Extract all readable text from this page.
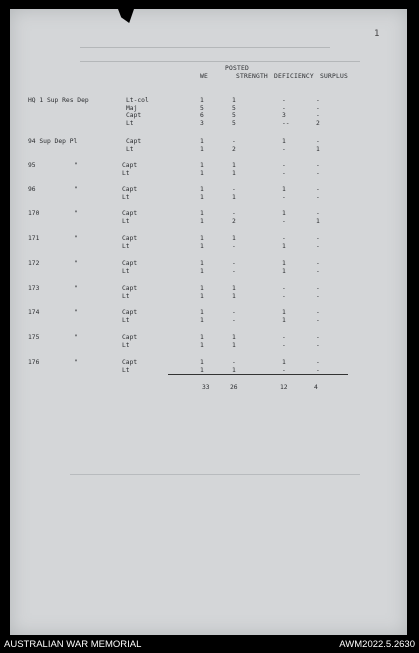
1
POSTED
WE	STRENGTH DEFICIENCY SURPLUS
HQ 1 Sup Res Dep	Lt-col	1	1	-	-
Maj	5	5	-	-
Capt	6	5	3	-
Lt	3	5	--	2
94 Sup Dep Pl	Capt	1	-	1	-
Lt	1	2	-	1
95	"	Capt	1	1	-	-
Lt	1	1	-	-
96	"	Capt	1	-	1	-
Lt	1	1	-	-
170	"	Capt	1	-	1	-
Lt	1	2	-	1
171	"	Capt	1	1	-	-
Lt	1	-	1	-
172	"	Capt	1	-	1	-
Lt	1	-	1	-
173	"	Capt	1	1	-	-
Lt	1	1	-	-
174	"	Capt	1	-	1	-
Lt	1	-	1	-
175	"	Capt	1	1	-	-
Lt	1	1	-	-
176	"	Capt	1	-	1	-
Lt	1	1	-	-
33	26	12	4
AUSTRALIAN WAR MEMORIAL	AWM2022.5.2630
